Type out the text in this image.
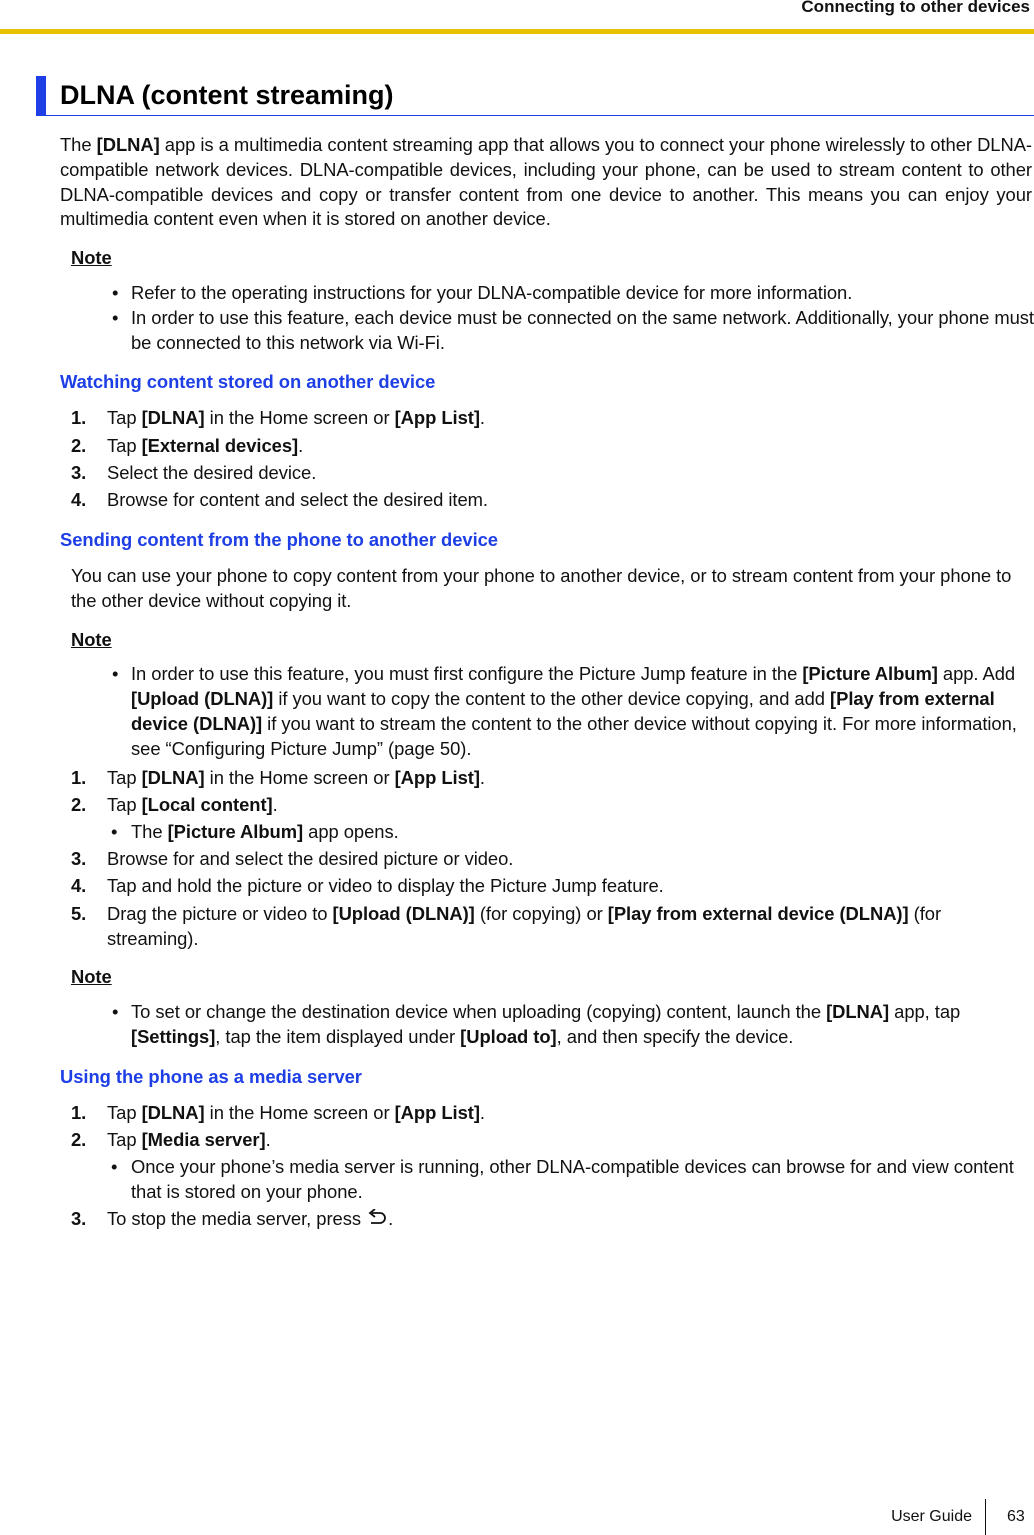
Connecting to other devices
DLNA (content streaming)

The [DLNA] app is a multimedia content streaming app that allows you to connect your phone wirelessly to other DLNA-compatible network devices. DLNA-compatible devices, including your phone, can be used to stream content to other DLNA-compatible devices and copy or transfer content from one device to another. This means you can enjoy your multimedia content even when it is stored on another device.

Note
• Refer to the operating instructions for your DLNA-compatible device for more information.
• In order to use this feature, each device must be connected on the same network. Additionally, your phone must be connected to this network via Wi-Fi.
Watching content stored on another device
1. Tap [DLNA] in the Home screen or [App List].
2. Tap [External devices].
3. Select the desired device.
4. Browse for content and select the desired item.
Sending content from the phone to another device

You can use your phone to copy content from your phone to another device, or to stream content from your phone to the other device without copying it.

Note
• In order to use this feature, you must first configure the Picture Jump feature in the [Picture Album] app. Add [Upload (DLNA)] if you want to copy the content to the other device copying, and add [Play from external device (DLNA)] if you want to stream the content to the other device without copying it. For more information, see “Configuring Picture Jump” (page 50).
1. Tap [DLNA] in the Home screen or [App List].
2. Tap [Local content].
• The [Picture Album] app opens.
3. Browse for and select the desired picture or video.
4. Tap and hold the picture or video to display the Picture Jump feature.
5. Drag the picture or video to [Upload (DLNA)] (for copying) or [Play from external device (DLNA)] (for streaming).
Note
• To set or change the destination device when uploading (copying) content, launch the [DLNA] app, tap [Settings], tap the item displayed under [Upload to], and then specify the device.
Using the phone as a media server
1. Tap [DLNA] in the Home screen or [App List].
2. Tap [Media server].
• Once your phone’s media server is running, other DLNA-compatible devices can browse for and view content that is stored on your phone.
3. To stop the media server, press .
User Guide 63
